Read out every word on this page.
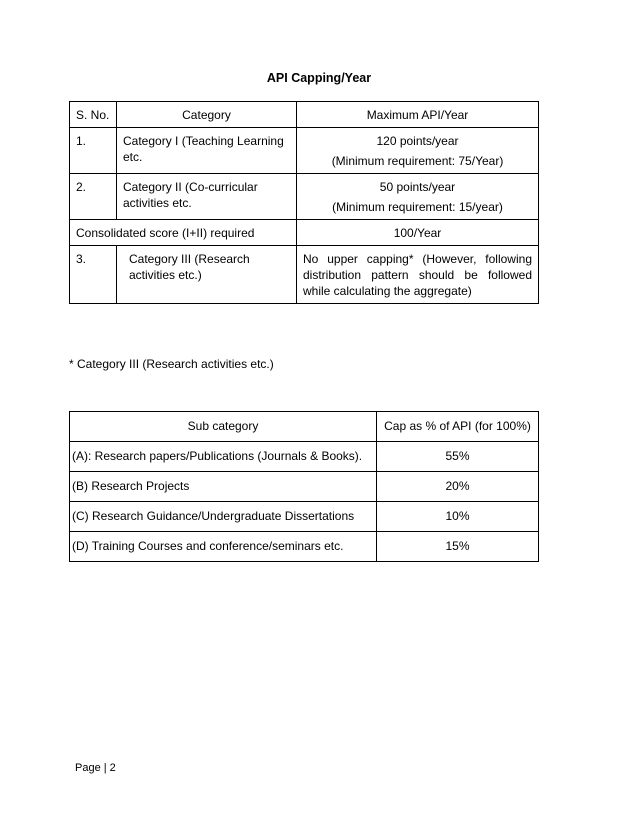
API Capping/Year
S. No.	Category	Maximum API/Year
1.	Category I (Teaching Learning etc.	120 points/year
(Minimum requirement: 75/Year)

2.	Category II (Co-curricular activities etc.	50 points/year
(Minimum requirement: 15/year)

Consolidated score (I+II) required		100/Year
3.	Category III (Research activities etc.)	No upper capping* (However, following distribution pattern should be followed while calculating the aggregate)
* Category III (Research activities etc.)
Sub category	Cap as % of API (for 100%)
(A): Research papers/Publications (Journals & Books).	55%
(B) Research Projects	20%
(C) Research Guidance/Undergraduate Dissertations	10%
(D) Training Courses and conference/seminars etc.	15%
Page | 2
